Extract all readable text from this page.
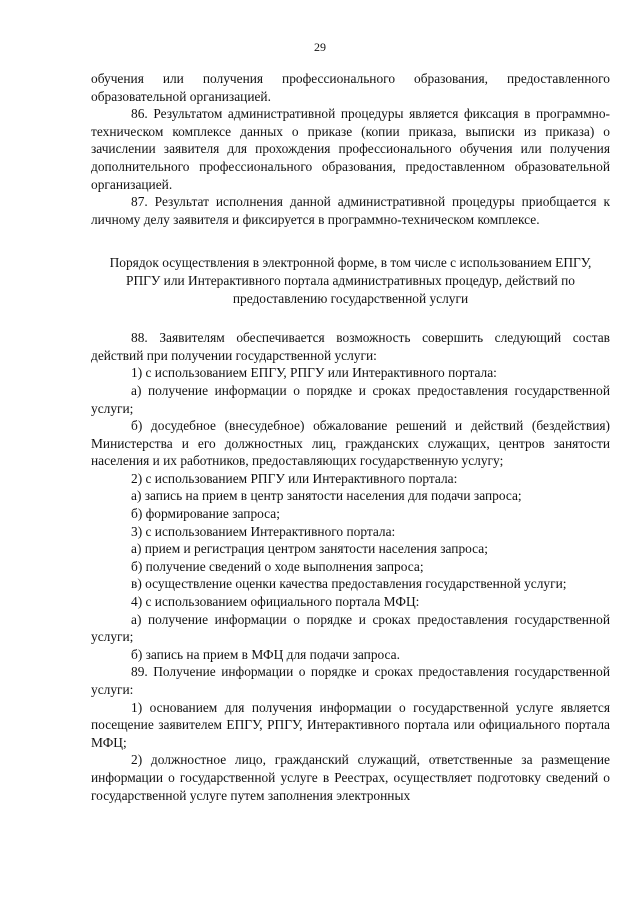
29

обучения или получения профессионального образования, предоставленного образовательной организацией.

86. Результатом административной процедуры является фиксация в программно-техническом комплексе данных о приказе (копии приказа, выписки из приказа) о зачислении заявителя для прохождения профессионального обучения или получения дополнительного профессионального образования, предоставленном образовательной организацией.

87. Результат исполнения данной административной процедуры приобщается к личному делу заявителя и фиксируется в программно-техническом комплексе.

Порядок осуществления в электронной форме, в том числе с использованием ЕПГУ, РПГУ или Интерактивного портала административных процедур, действий по предоставлению государственной услуги

88. Заявителям обеспечивается возможность совершить следующий состав действий при получении государственной услуги:

1) с использованием ЕПГУ, РПГУ или Интерактивного портала:

а) получение информации о порядке и сроках предоставления государственной услуги;

б) досудебное (внесудебное) обжалование решений и действий (бездействия) Министерства и его должностных лиц, гражданских служащих, центров занятости населения и их работников, предоставляющих государственную услугу;

2) с использованием РПГУ или Интерактивного портала:

а) запись на прием в центр занятости населения для подачи запроса;

б) формирование запроса;

3) с использованием Интерактивного портала:

а) прием и регистрация центром занятости населения запроса;

б) получение сведений о ходе выполнения запроса;

в) осуществление оценки качества предоставления государственной услуги;

4) с использованием официального портала МФЦ:

а) получение информации о порядке и сроках предоставления государственной услуги;

б) запись на прием в МФЦ для подачи запроса.

89. Получение информации о порядке и сроках предоставления государственной услуги:

1) основанием для получения информации о государственной услуге является посещение заявителем ЕПГУ, РПГУ, Интерактивного портала или официального портала МФЦ;

2) должностное лицо, гражданский служащий, ответственные за размещение информации о государственной услуге в Реестрах, осуществляет подготовку сведений о государственной услуге путем заполнения электронных
